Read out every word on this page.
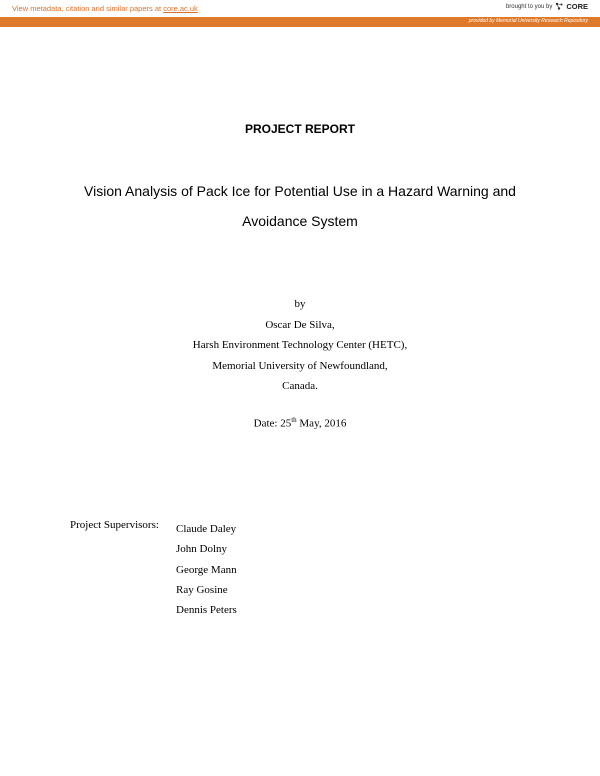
View metadata, citation and similar papers at core.ac.uk	brought to you by CORE
provided by Memorial University Research Repository
PROJECT REPORT
Vision Analysis of Pack Ice for Potential Use in a Hazard Warning and
Avoidance System
by
Oscar De Silva,
Harsh Environment Technology Center (HETC),
Memorial University of Newfoundland,
Canada.
Date: 25th May, 2016
Project Supervisors: Claude Daley
John Dolny
George Mann
Ray Gosine
Dennis Peters
